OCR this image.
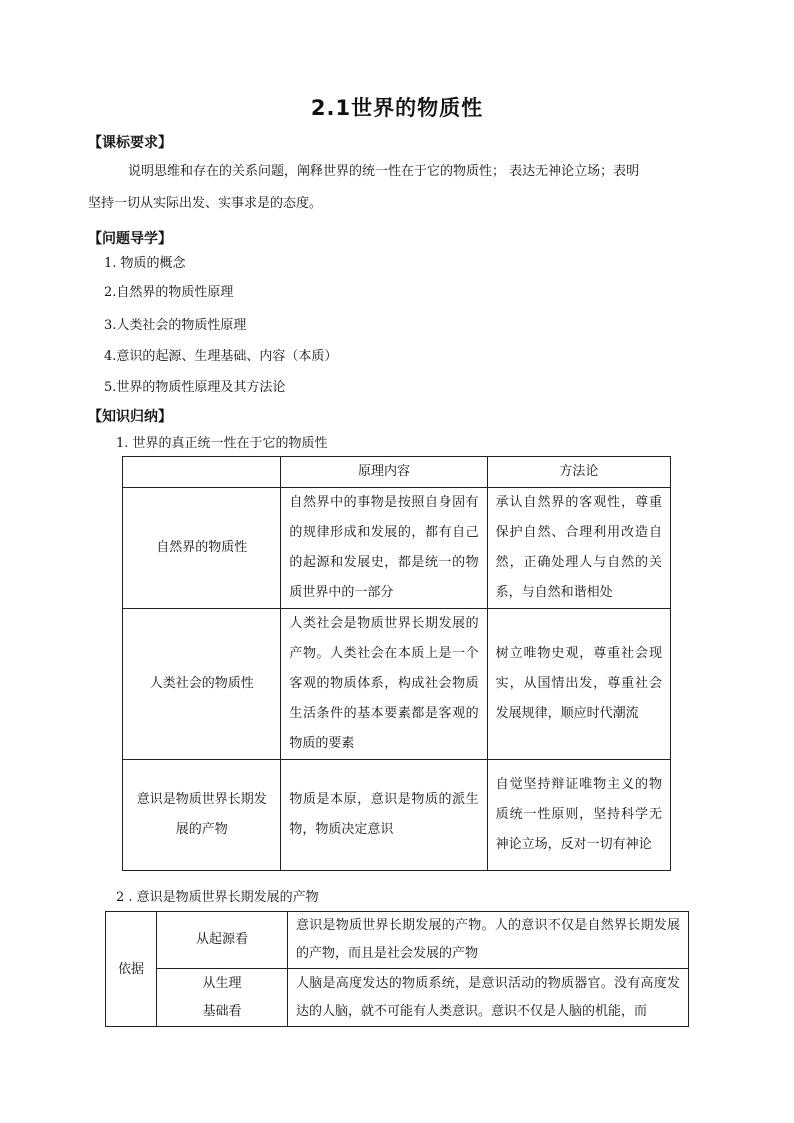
2.1世界的物质性
【课标要求】
说明思维和存在的关系问题，阐释世界的统一性在于它的物质性； 表达无神论立场；表明
坚持一切从实际出发、实事求是的态度。
【问题导学】
1. 物质的概念
2.自然界的物质性原理
3.人类社会的物质性原理
4.意识的起源、生理基础、内容（本质）
5.世界的物质性原理及其方法论
【知识归纳】
1. 世界的真正统一性在于它的物质性
	原理内容	方法论
自然界的物质性	自然界中的事物是按照自身固有的规律形成和发展的，都有自己的起源和发展史，都是统一的物质世界中的一部分	承认自然界的客观性，尊重保护自然、合理利用改造自然，正确处理人与自然的关系，与自然和谐相处

人类社会的物质性	人类社会是物质世界长期发展的产物。人类社会在本质上是一个客观的物质体系，构成社会物质生活条件的基本要素都是客观的物质的要素	树立唯物史观，尊重社会现实，从国情出发，尊重社会发展规律，顺应时代潮流

意识是物质世界长期发展的产物	物质是本原，意识是物质的派生物，物质决定意识	自觉坚持辩证唯物主义的物质统一性原则，坚持科学无神论立场，反对一切有神论
2 . 意识是物质世界长期发展的产物
依据	从起源看	意识是物质世界长期发展的产物。人的意识不仅是自然界长期发展的产物，而且是社会发展的产物

	从生理
基础看	人脑是高度发达的物质系统，是意识活动的物质器官。没有高度发达的人脑，就不可能有人类意识。意识不仅是人脑的机能，而
